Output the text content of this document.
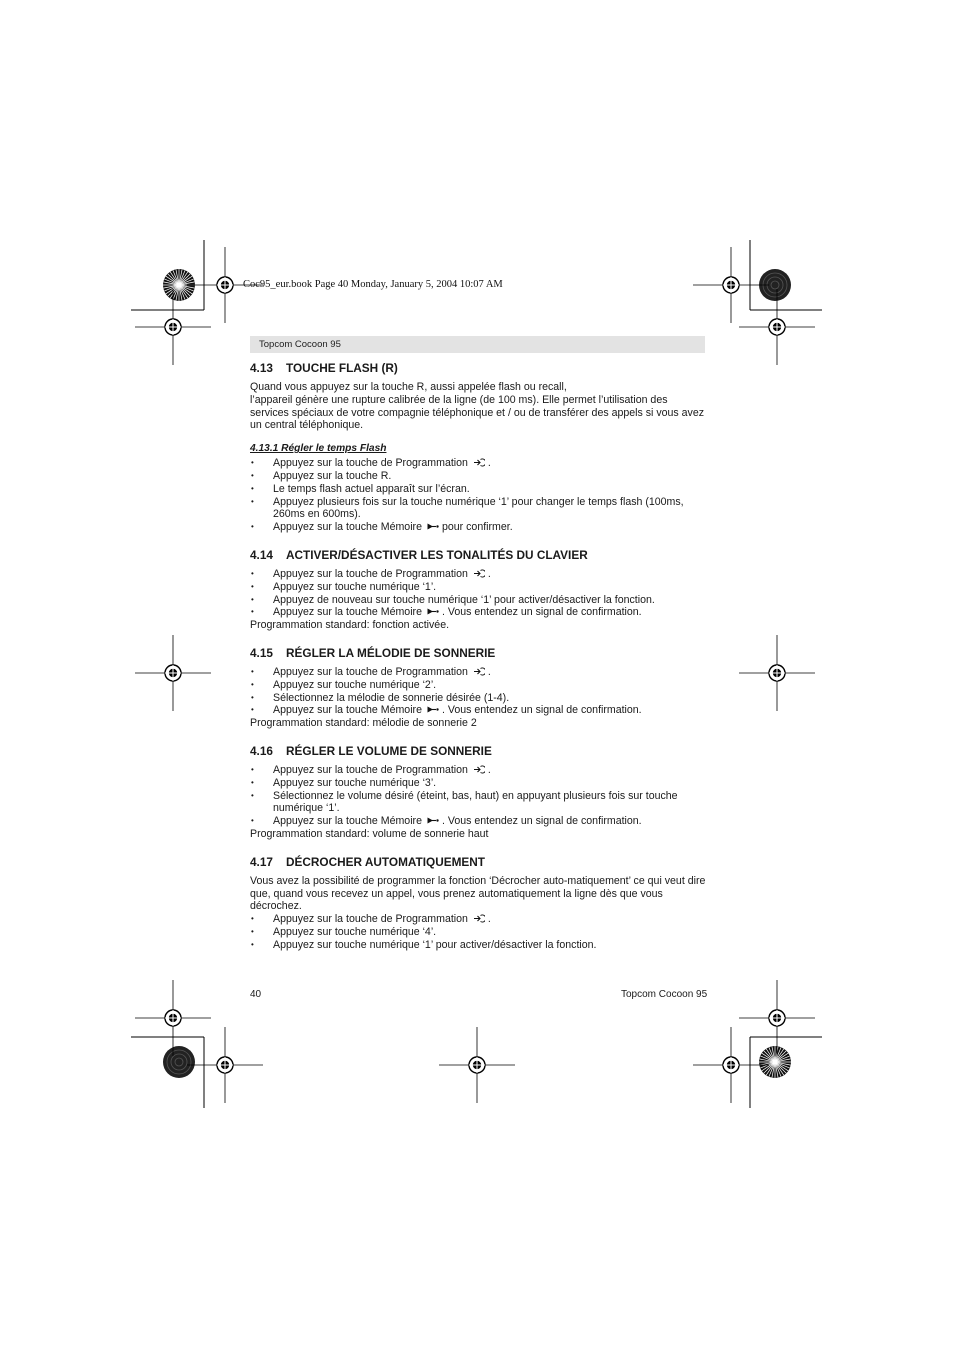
Coc95_eur.book Page 40 Monday, January 5, 2004 10:07 AM
Topcom Cocoon 95
4.13 TOUCHE FLASH (R)

Quand vous appuyez sur la touche R, aussi appelée flash ou recall,

l’appareil génère une rupture calibrée de la ligne (de 100 ms). Elle permet l’utilisation des services spéciaux de votre compagnie téléphonique et / ou de transférer des appels si vous avez un central téléphonique.

4.13.1 Régler le temps Flash
• Appuyez sur la touche de Programmation .
• Appuyez sur la touche R.
• Le temps flash actuel apparaît sur l’écran.
• Appuyez plusieurs fois sur la touche numérique ‘1’ pour changer le temps flash (100ms, 260ms en 600ms).
• Appuyez sur la touche Mémoire pour confirmer.
4.14 ACTIVER/DÉSACTIVER LES TONALITÉS DU CLAVIER
• Appuyez sur la touche de Programmation .
• Appuyez sur touche numérique ‘1’.
• Appuyez de nouveau sur touche numérique ‘1’ pour activer/désactiver la fonction.
• Appuyez sur la touche Mémoire . Vous entendez un signal de confirmation.

Programmation standard: fonction activée.

4.15 RÉGLER LA MÉLODIE DE SONNERIE
• Appuyez sur la touche de Programmation .
• Appuyez sur touche numérique ‘2’.
• Sélectionnez la mélodie de sonnerie désirée (1-4).
• Appuyez sur la touche Mémoire . Vous entendez un signal de confirmation.

Programmation standard: mélodie de sonnerie 2

4.16 RÉGLER LE VOLUME DE SONNERIE
• Appuyez sur la touche de Programmation .
• Appuyez sur touche numérique ‘3’.
• Sélectionnez le volume désiré (éteint, bas, haut) en appuyant plusieurs fois sur touche numérique ‘1’.
• Appuyez sur la touche Mémoire . Vous entendez un signal de confirmation.

Programmation standard: volume de sonnerie haut

4.17 DÉCROCHER AUTOMATIQUEMENT

Vous avez la possibilité de programmer la fonction ‘Décrocher auto-matiquement’ ce qui veut dire que, quand vous recevez un appel, vous prenez automatiquement la ligne dès que vous décrochez.

• Appuyez sur la touche de Programmation .
• Appuyez sur touche numérique ‘4’.
• Appuyez sur touche numérique ‘1’ pour activer/désactiver la fonction.
40	Topcom Cocoon 95
